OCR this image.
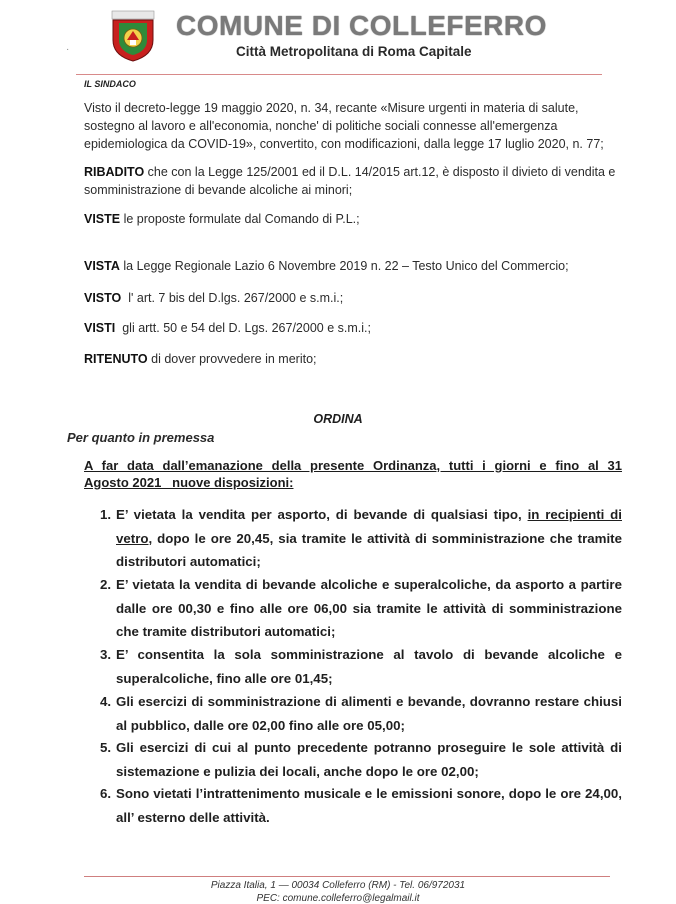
COMUNE DI COLLEFERRO
Città Metropolitana di Roma Capitale
·
IL SINDACO
Visto il decreto-legge 19 maggio 2020, n. 34, recante «Misure urgenti in materia di salute, sostegno al lavoro e all'economia, nonche' di politiche sociali connesse all'emergenza epidemiologica da COVID-19», convertito, con modificazioni, dalla legge 17 luglio 2020, n. 77;
RIBADITO che con la Legge 125/2001 ed il D.L. 14/2015 art.12, è disposto il divieto di vendita e somministrazione di bevande alcoliche ai minori;
VISTE le proposte formulate dal Comando di P.L.;
VISTA la Legge Regionale Lazio 6 Novembre 2019 n. 22 – Testo Unico del Commercio;
VISTO  l' art. 7 bis del D.lgs. 267/2000 e s.m.i.;
VISTI  gli artt. 50 e 54 del D. Lgs. 267/2000 e s.m.i.;
RITENUTO di dover provvedere in merito;
ORDINA
Per quanto in premessa
A far data dall’emanazione della presente Ordinanza, tutti i giorni e fino al 31
Agosto 2021   nuove disposizioni:
1. E’ vietata la vendita per asporto, di bevande di qualsiasi tipo, in recipienti di vetro, dopo le ore 20,45, sia tramite le attività di somministrazione che tramite distributori automatici;
2. E’ vietata la vendita di bevande alcoliche e superalcoliche, da asporto a partire dalle ore 00,30 e fino alle ore 06,00 sia tramite le attività di somministrazione che tramite distributori automatici;
3. E’ consentita la sola somministrazione al tavolo di bevande alcoliche e superalcoliche, fino alle ore 01,45;
4. Gli esercizi di somministrazione di alimenti e bevande, dovranno restare chiusi al pubblico, dalle ore 02,00 fino alle ore 05,00;
5. Gli esercizi di cui al punto precedente potranno proseguire le sole attività di sistemazione e pulizia dei locali, anche dopo le ore 02,00;
6. Sono vietati l’intrattenimento musicale e le emissioni sonore, dopo le ore 24,00, all’ esterno delle attività.
Piazza Italia, 1 — 00034 Colleferro (RM) - Tel. 06/972031
PEC: comune.colleferro@legalmail.it
